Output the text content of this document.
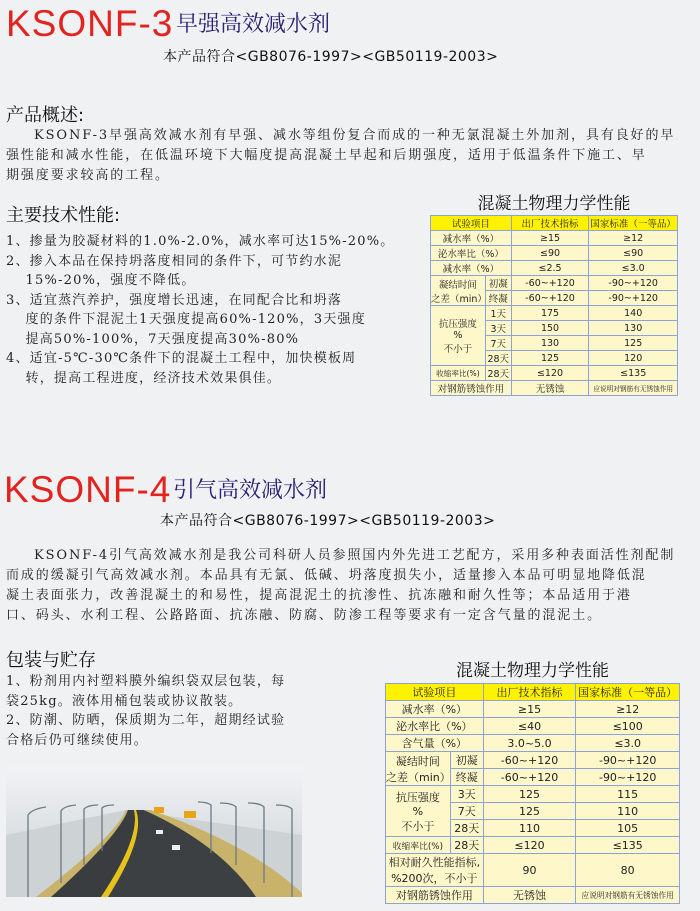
KSONF-3 早强高效减水剂
本产品符合<GB8076-1997><GB50119-2003>
产品概述:
KSONF-3早强高效减水剂有早强、减水等组份复合而成的一种无氯混凝土外加剂，具有良好的早
强性能和减水性能，在低温环境下大幅度提高混凝土早起和后期强度，适用于低温条件下施工、早
期强度要求较高的工程。
主要技术性能:
1、掺量为胶凝材料的1.0%-2.0%，减水率可达15%-20%。
2、掺入本品在保持坍落度相同的条件下，可节约水泥
　 15%-20%，强度不降低。
3、适宜蒸汽养护，强度增长迅速，在同配合比和坍落
　 度的条件下混泥土1天强度提高60%-120%，3天强度
　 提高50%-100%，7天强度提高30%-80%
4、适宜-5℃-30℃条件下的混凝土工程中，加快模板周
　 转，提高工程进度，经济技术效果俱佳。
混凝土物理力学性能
试验项目		出厂技术指标	国家标准（一等品）
减水率（%）		≥15	≥12
泌水率比（%）		≤90	≤90
减水率（%）		≤2.5	≤3.0
凝结时间
之差（min）	初凝	-60~+120	-90~+120
	终凝	-60~+120	-90~+120
抗压强度
%
不小于	1天	175	140
	3天	150	130
	7天	130	125
	28天	125	120
收缩率比(%)	28天	≤120	≤135
对钢筋锈蚀作用		无锈蚀	应说明对钢筋有无锈蚀作用
KSONF-4 引气高效减水剂
本产品符合<GB8076-1997><GB50119-2003>
KSONF-4引气高效减水剂是我公司科研人员参照国内外先进工艺配方，采用多种表面活性剂配制
而成的缓凝引气高效减水剂。本品具有无氯、低碱、坍落度损失小，适量掺入本品可明显地降低混
凝土表面张力，改善混凝土的和易性，提高混泥土的抗渗性、抗冻融和耐久性等；本品适用于港
口、码头、水利工程、公路路面、抗冻融、防腐、防渗工程等要求有一定含气量的混泥土。
包装与贮存
1、粉剂用内衬塑料膜外编织袋双层包装，每
袋25kg。液体用桶包装或协议散装。
2、防潮、防晒，保质期为二年，超期经试验
合格后仍可继续使用。
混凝土物理力学性能
试验项目		出厂技术指标	国家标准（一等品）
减水率（%）		≥15	≥12
泌水率比（%）		≤40	≤100
含气量（%）		3.0~5.0	≤3.0
凝结时间
之差（min）	初凝	-60~+120	-90~+120
	终凝	-60~+120	-90~+120
抗压强度
%
不小于	3天	125	115
	7天	125	110
	28天	110	105
收缩率比(%)	28天	≤120	≤135
相对耐久性能指标,
%200次，不小于		90	80
对钢筋锈蚀作用		无锈蚀	应说明对钢筋有无锈蚀作用
